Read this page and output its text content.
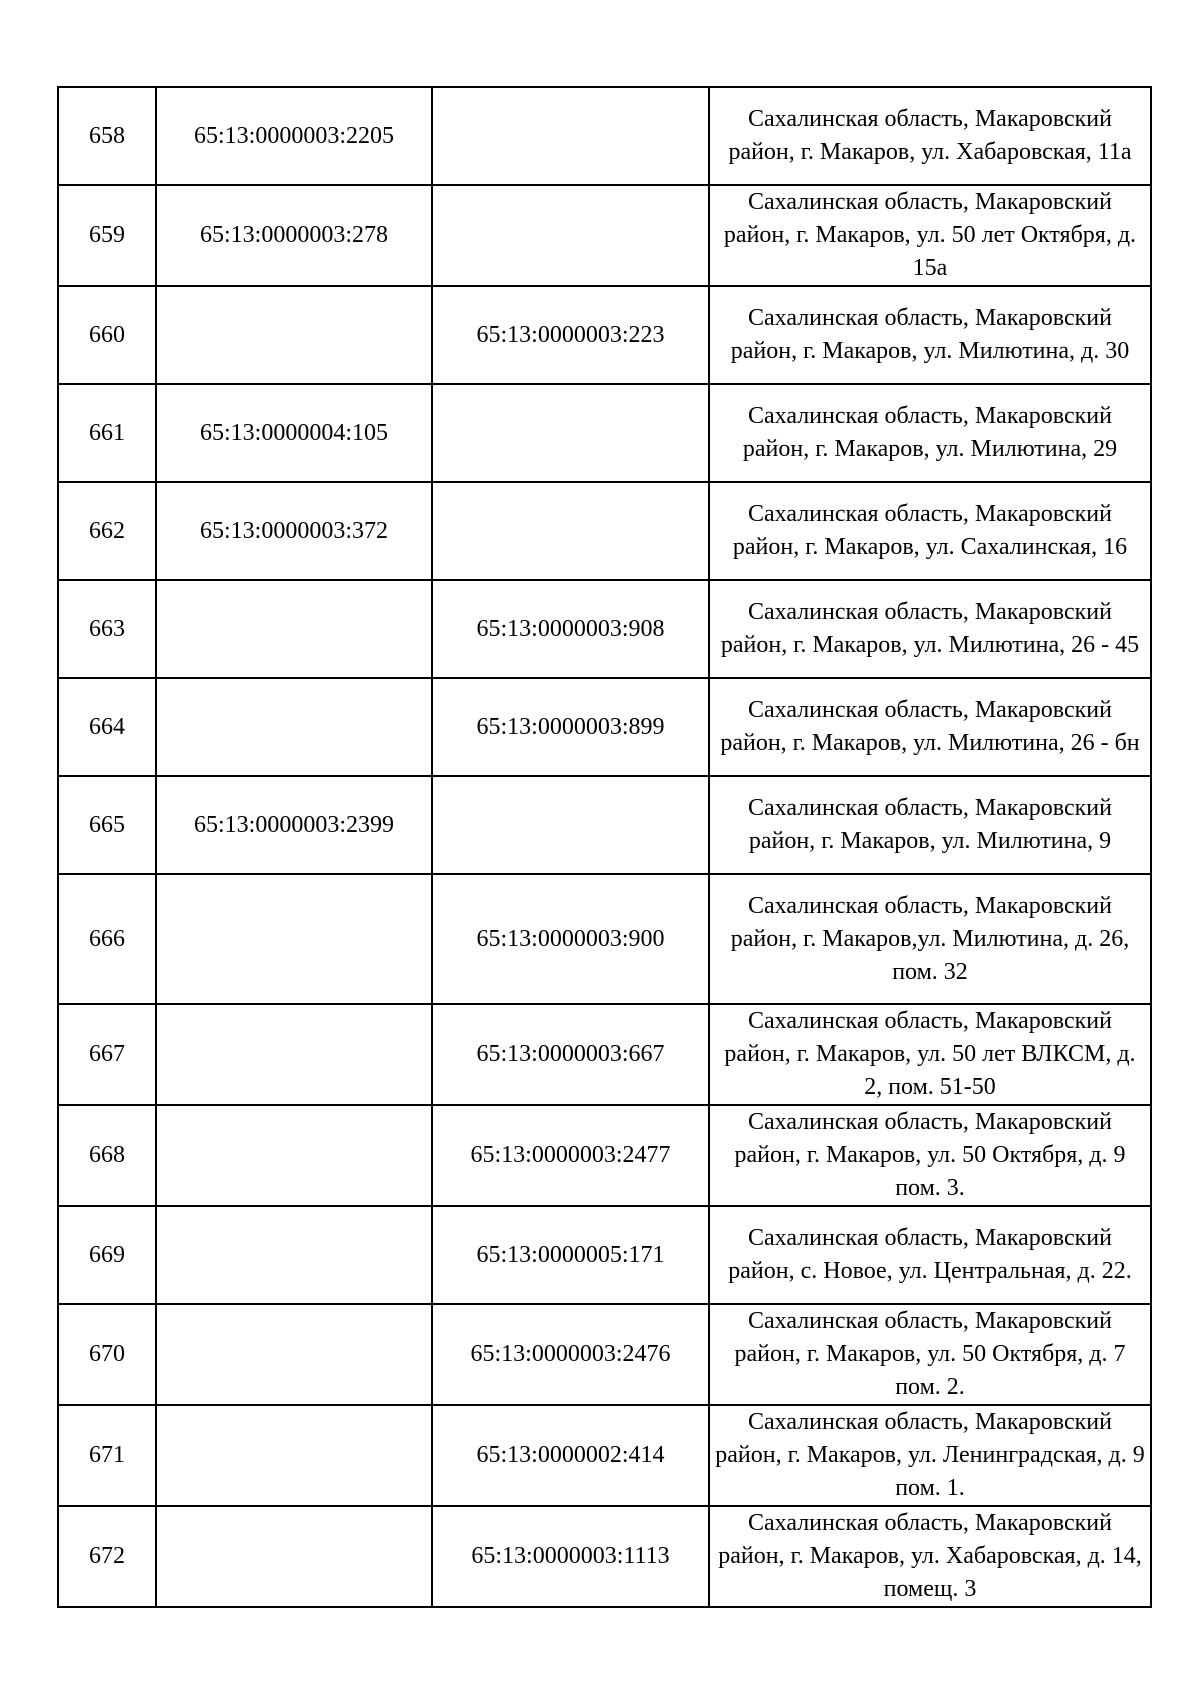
658	65:13:0000003:2205		Сахалинская область, Макаровский район, г. Макаров, ул. Хабаровская, 11а
659	65:13:0000003:278		Сахалинская область, Макаровский район, г. Макаров, ул. 50 лет Октября, д. 15а
660		65:13:0000003:223	Сахалинская область, Макаровский район, г. Макаров, ул. Милютина, д. 30
661	65:13:0000004:105		Сахалинская область, Макаровский район, г. Макаров, ул. Милютина, 29
662	65:13:0000003:372		Сахалинская область, Макаровский район, г. Макаров, ул. Сахалинская, 16
663		65:13:0000003:908	Сахалинская область, Макаровский район, г. Макаров, ул. Милютина, 26 - 45
664		65:13:0000003:899	Сахалинская область, Макаровский район, г. Макаров, ул. Милютина, 26 - бн
665	65:13:0000003:2399		Сахалинская область, Макаровский район, г. Макаров, ул. Милютина, 9
666		65:13:0000003:900	Сахалинская область, Макаровский район, г. Макаров,ул. Милютина, д. 26, пом. 32
667		65:13:0000003:667	Сахалинская область, Макаровский район, г. Макаров, ул. 50 лет ВЛКСМ, д. 2, пом. 51-50
668		65:13:0000003:2477	Сахалинская область, Макаровский район, г. Макаров, ул. 50 Октября, д. 9 пом. 3.
669		65:13:0000005:171	Сахалинская область, Макаровский район, с. Новое, ул. Центральная, д. 22.
670		65:13:0000003:2476	Сахалинская область, Макаровский район, г. Макаров, ул. 50 Октября, д. 7 пом. 2.
671		65:13:0000002:414	Сахалинская область, Макаровский район, г. Макаров, ул. Ленинградская, д. 9 пом. 1.
672		65:13:0000003:1113	Сахалинская область, Макаровский район, г. Макаров, ул. Хабаровская, д. 14, помещ. 3
